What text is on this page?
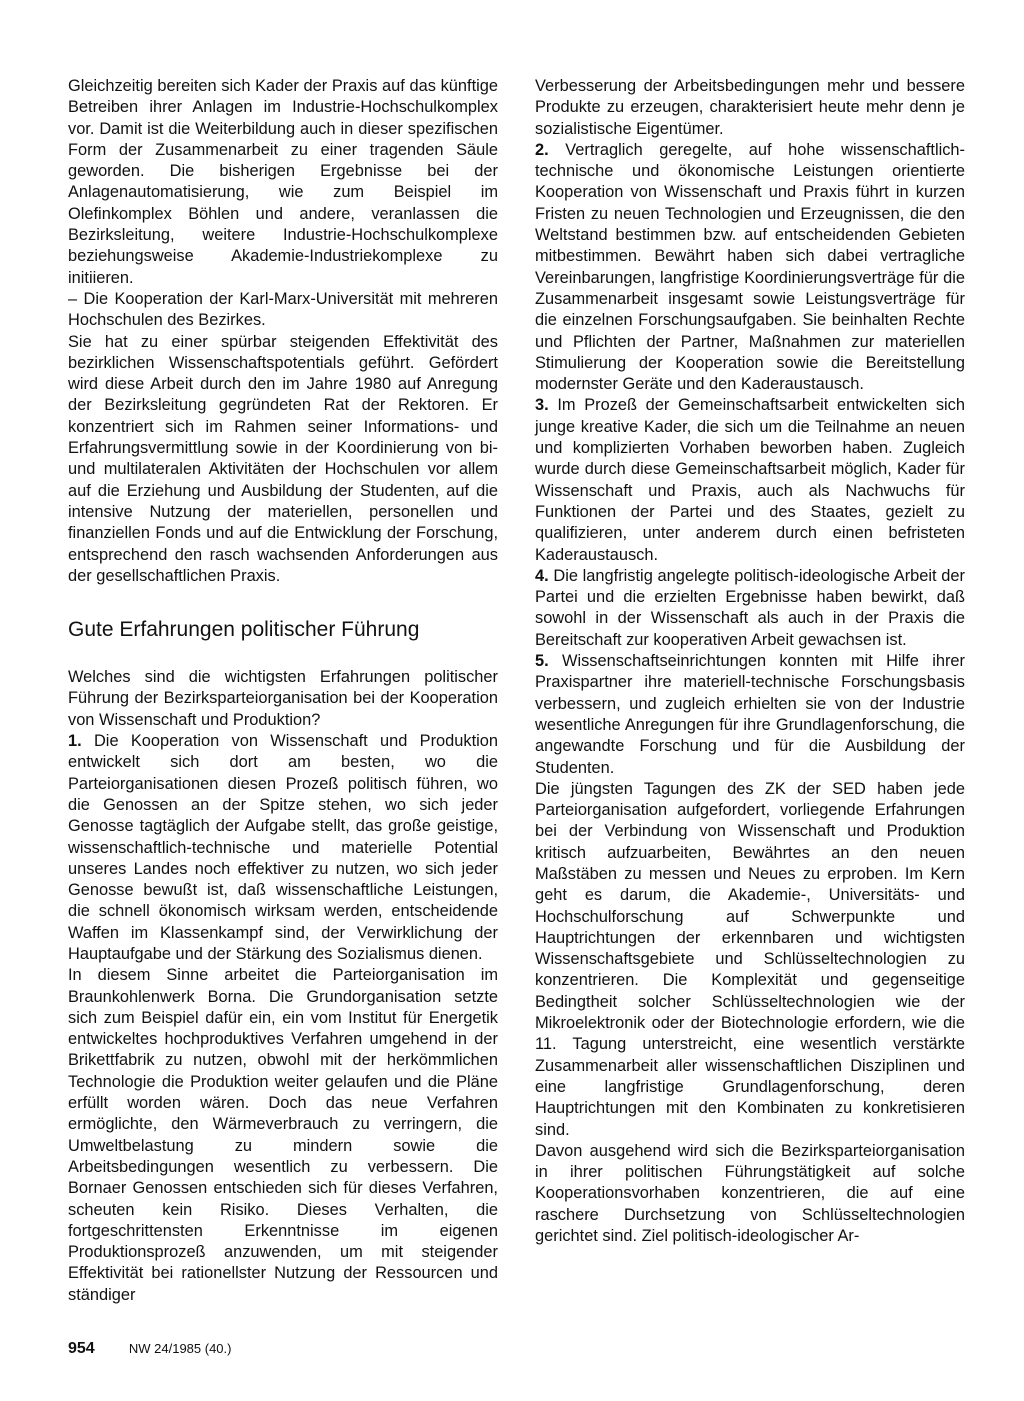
Gleichzeitig bereiten sich Kader der Praxis auf das künftige Betreiben ihrer Anlagen im Industrie-Hochschulkomplex vor. Damit ist die Weiterbildung auch in dieser spezifischen Form der Zusammenarbeit zu einer tragenden Säule geworden. Die bisherigen Ergebnisse bei der Anlagenautomatisierung, wie zum Beispiel im Olefinkomplex Böhlen und andere, veranlassen die Bezirksleitung, weitere Industrie-Hochschulkomplexe beziehungsweise Akademie-Industriekomplexe zu initiieren.

– Die Kooperation der Karl-Marx-Universität mit mehreren Hochschulen des Bezirkes.

Sie hat zu einer spürbar steigenden Effektivität des bezirklichen Wissenschaftspotentials geführt. Gefördert wird diese Arbeit durch den im Jahre 1980 auf Anregung der Bezirksleitung gegründeten Rat der Rektoren. Er konzentriert sich im Rahmen seiner Informations- und Erfahrungsvermittlung sowie in der Koordinierung von bi- und multilateralen Aktivitäten der Hochschulen vor allem auf die Erziehung und Ausbildung der Studenten, auf die intensive Nutzung der materiellen, personellen und finanziellen Fonds und auf die Entwicklung der Forschung, entsprechend den rasch wachsenden Anforderungen aus der gesellschaftlichen Praxis.

Gute Erfahrungen politischer Führung

Welches sind die wichtigsten Erfahrungen politischer Führung der Bezirksparteiorganisation bei der Kooperation von Wissenschaft und Produktion?

1. Die Kooperation von Wissenschaft und Produktion entwickelt sich dort am besten, wo die Parteiorganisationen diesen Prozeß politisch führen, wo die Genossen an der Spitze stehen, wo sich jeder Genosse tagtäglich der Aufgabe stellt, das große geistige, wissenschaftlich-technische und materielle Potential unseres Landes noch effektiver zu nutzen, wo sich jeder Genosse bewußt ist, daß wissenschaftliche Leistungen, die schnell ökonomisch wirksam werden, entscheidende Waffen im Klassenkampf sind, der Verwirklichung der Hauptaufgabe und der Stärkung des Sozialismus dienen.

In diesem Sinne arbeitet die Parteiorganisation im Braunkohlenwerk Borna. Die Grundorganisation setzte sich zum Beispiel dafür ein, ein vom Institut für Energetik entwickeltes hochproduktives Verfahren umgehend in der Brikettfabrik zu nutzen, obwohl mit der herkömmlichen Technologie die Produktion weiter gelaufen und die Pläne erfüllt worden wären. Doch das neue Verfahren ermöglichte, den Wärmeverbrauch zu verringern, die Umweltbelastung zu mindern sowie die Arbeitsbedingungen wesentlich zu verbessern. Die Bornaer Genossen entschieden sich für dieses Verfahren, scheuten kein Risiko. Dieses Verhalten, die fortgeschrittensten Erkenntnisse im eigenen Produktionsprozeß anzuwenden, um mit steigender Effektivität bei rationellster Nutzung der Ressourcen und ständiger

Verbesserung der Arbeitsbedingungen mehr und bessere Produkte zu erzeugen, charakterisiert heute mehr denn je sozialistische Eigentümer.

2. Vertraglich geregelte, auf hohe wissenschaftlich-technische und ökonomische Leistungen orientierte Kooperation von Wissenschaft und Praxis führt in kurzen Fristen zu neuen Technologien und Erzeugnissen, die den Weltstand bestimmen bzw. auf entscheidenden Gebieten mitbestimmen. Bewährt haben sich dabei vertragliche Vereinbarungen, langfristige Koordinierungsverträge für die Zusammenarbeit insgesamt sowie Leistungsverträge für die einzelnen Forschungsaufgaben. Sie beinhalten Rechte und Pflichten der Partner, Maßnahmen zur materiellen Stimulierung der Kooperation sowie die Bereitstellung modernster Geräte und den Kaderaustausch.

3. Im Prozeß der Gemeinschaftsarbeit entwickelten sich junge kreative Kader, die sich um die Teilnahme an neuen und komplizierten Vorhaben beworben haben. Zugleich wurde durch diese Gemeinschaftsarbeit möglich, Kader für Wissenschaft und Praxis, auch als Nachwuchs für Funktionen der Partei und des Staates, gezielt zu qualifizieren, unter anderem durch einen befristeten Kaderaustausch.

4. Die langfristig angelegte politisch-ideologische Arbeit der Partei und die erzielten Ergebnisse haben bewirkt, daß sowohl in der Wissenschaft als auch in der Praxis die Bereitschaft zur kooperativen Arbeit gewachsen ist.

5. Wissenschaftseinrichtungen konnten mit Hilfe ihrer Praxispartner ihre materiell-technische Forschungsbasis verbessern, und zugleich erhielten sie von der Industrie wesentliche Anregungen für ihre Grundlagenforschung, die angewandte Forschung und für die Ausbildung der Studenten.

Die jüngsten Tagungen des ZK der SED haben jede Parteiorganisation aufgefordert, vorliegende Erfahrungen bei der Verbindung von Wissenschaft und Produktion kritisch aufzuarbeiten, Bewährtes an den neuen Maßstäben zu messen und Neues zu erproben. Im Kern geht es darum, die Akademie-, Universitäts- und Hochschulforschung auf Schwerpunkte und Hauptrichtungen der erkennbaren und wichtigsten Wissenschaftsgebiete und Schlüsseltechnologien zu konzentrieren. Die Komplexität und gegenseitige Bedingtheit solcher Schlüsseltechnologien wie der Mikroelektronik oder der Biotechnologie erfordern, wie die 11. Tagung unterstreicht, eine wesentlich verstärkte Zusammenarbeit aller wissenschaftlichen Disziplinen und eine langfristige Grundlagenforschung, deren Hauptrichtungen mit den Kombinaten zu konkretisieren sind.

Davon ausgehend wird sich die Bezirksparteiorganisation in ihrer politischen Führungstätigkeit auf solche Kooperationsvorhaben konzentrieren, die auf eine raschere Durchsetzung von Schlüsseltechnologien gerichtet sind. Ziel politisch-ideologischer Ar-

954	NW 24/1985 (40.)
